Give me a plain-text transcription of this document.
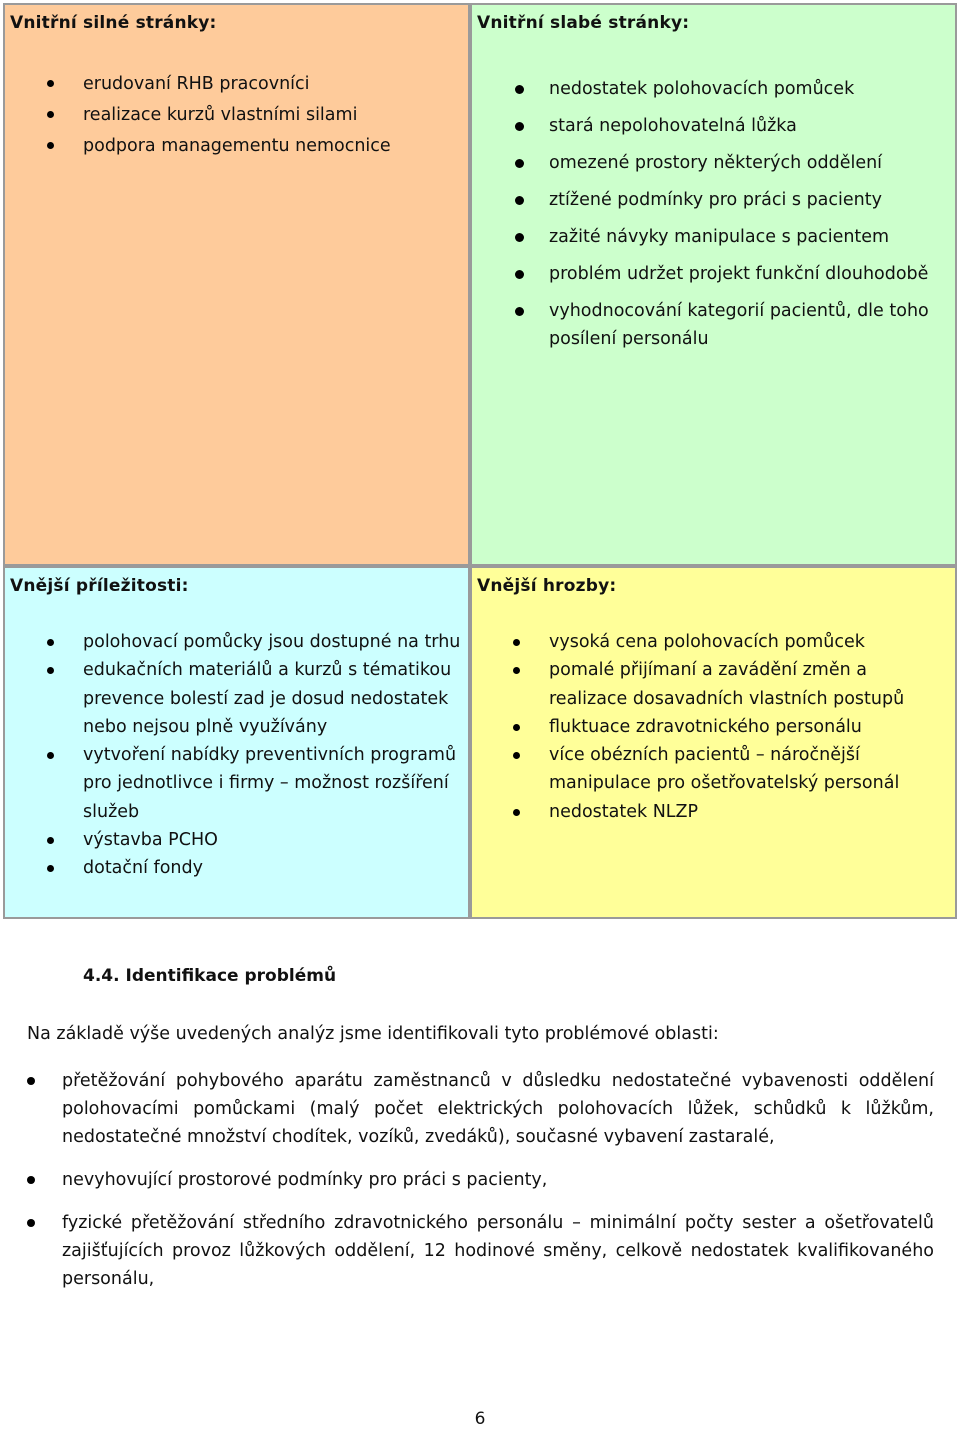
Vnitřní silné stránky:
erudovaní RHB pracovníci
realizace kurzů vlastními silami
podpora managementu nemocnice
Vnitřní slabé stránky:
nedostatek polohovacích pomůcek
stará nepolohovatelná lůžka
omezené prostory některých oddělení
ztížené podmínky pro práci s pacienty
zažité návyky manipulace s pacientem
problém udržet projekt funkční dlouhodobě
vyhodnocování kategorií pacientů, dle toho posílení personálu
Vnější příležitosti:
polohovací pomůcky jsou dostupné na trhu
edukačních materiálů a kurzů s tématikou prevence bolestí zad je dosud nedostatek nebo nejsou plně využívány
vytvoření nabídky preventivních programů pro jednotlivce i firmy – možnost rozšíření služeb
výstavba PCHO
dotační fondy
Vnější hrozby:
vysoká cena polohovacích pomůcek
pomalé přijímaní a zavádění změn a realizace dosavadních vlastních postupů
fluktuace zdravotnického personálu
více obézních pacientů – náročnější manipulace pro ošetřovatelský personál
nedostatek NLZP
4.4. Identifikace problémů
Na základě výše uvedených analýz jsme identifikovali tyto problémové oblasti:
přetěžování pohybového aparátu zaměstnanců v důsledku nedostatečné vybavenosti oddělení polohovacími pomůckami (malý počet elektrických polohovacích lůžek, schůdků k lůžkům, nedostatečné množství chodítek, vozíků, zvedáků), současné vybavení zastaralé,
nevyhovující prostorové podmínky pro práci s pacienty,
fyzické přetěžování středního zdravotnického personálu – minimální počty sester a ošetřovatelů zajišťujících provoz lůžkových oddělení, 12 hodinové směny, celkově nedostatek kvalifikovaného personálu,
6
